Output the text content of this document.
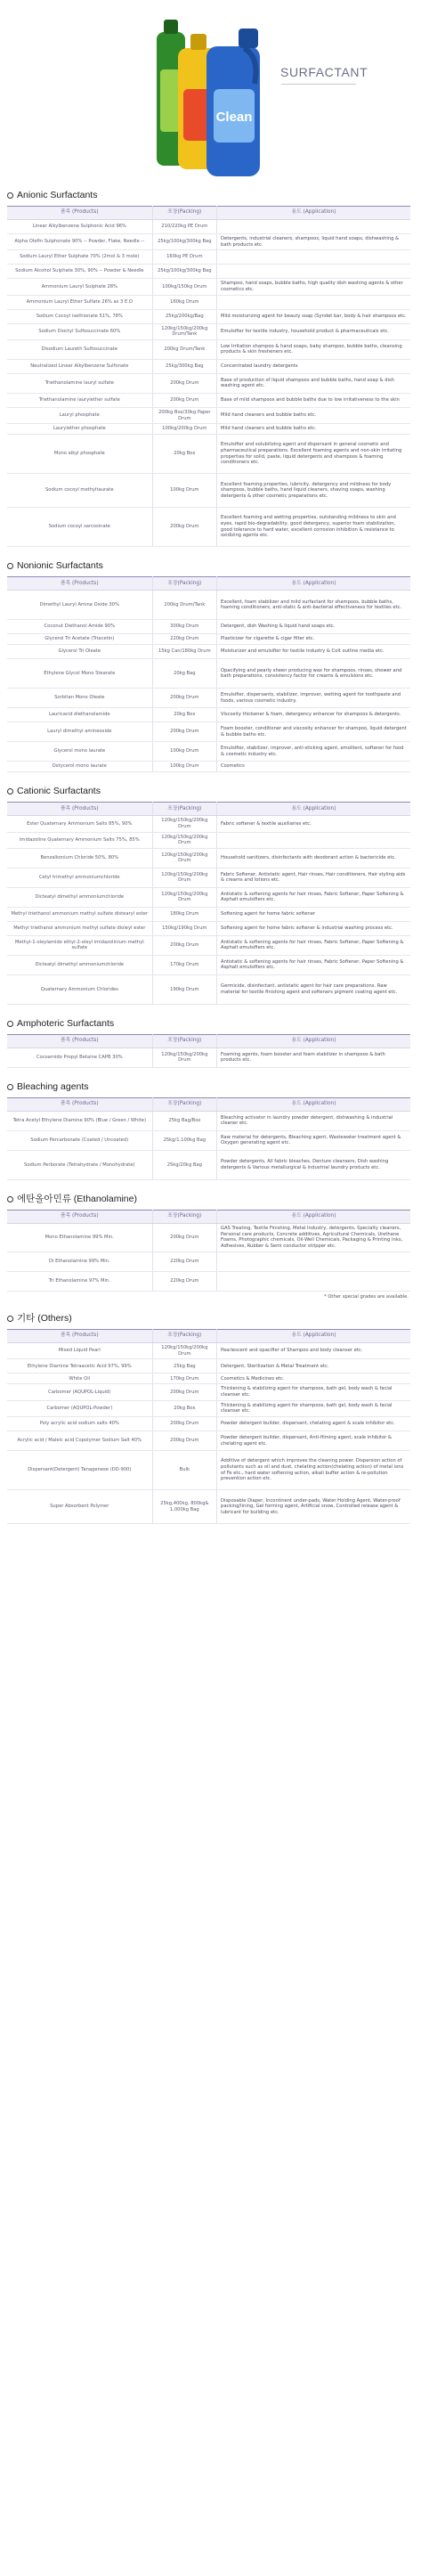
Clean
SURFACTANT
Anionic Surfactants
품목 (Products)	포장(Packing)	용도 (Application)
Linear Alkylbenzene Sulphonic Acid 96%	210/220kg PE Drum	
Alpha Olefin Sulphonate 90% -- Powder, Flake, Needle --	25kg/100kg/300kg Bag	Detergents, industrial cleaners, shampoos, liquid hand soaps, dishwashing & bath products etc.
Sodium Lauryl Ether Sulphate 70% (2mol & 3 mole)	160kg PE Drum	
Sodium Alcohol Sulphate 30%, 90% -- Powder & Needle	25kg/100kg/300kg Bag	
Ammonium Lauryl Sulphate 28%	100kg/150kg Drum	Shampoo, hand soaps, bubble baths, high quality dish washing agents & other cosmetics etc.
Ammonium Lauryl Ether Sulfate 26% as 3 E.O	160kg Drum	
Sodium Cocoyl isethionate 51%, 78%	25kg/200kg/Bag	Mild moisturizing agent for beauty soap (Syndet bar, body & hair shampoos etc.
Sodium Dioctyl Sulfosuccinate 60%	120kg/150kg/200kg Drum/Tank	Emulsifier for textile industry, household product & pharmaceuticals etc.
Disodium Laureth Sulfosuccinate	200kg Drum/Tank	Low Irritation shampoo & hand soaps, baby shampoo, bubble baths, cleansing products & skin fresheners etc.
Neutralized Linear Alkylbenzene Sulfonate	25kg/300kg Bag	Concentrated laundry detergents
Triethanolamine lauryl sulfate	200kg Drum	Base of production of liquid shampoos and bubble baths, hand soap & dish washing agent etc.
Triethanolamine laurylether sulfate	200kg Drum	Base of mild shampoos and bubble baths due to low irritativeness to the skin
Lauryl phosphate	200kg Box/30kg Paper Drum	Mild hand cleaners and bubble baths etc.
Laurylether phosphate	100kg/200kg Drum	Mild hand cleaners and bubble baths etc.
Mono alkyl phosphate	20kg Box	Emulsifier and solubilizing agent and dispersant in general cosmetic and pharmaceutical preparations. Excellent foaming agents and non-skin irritating properties for solid, paste, liquid detergents and shampoos & foaming conditioners etc.
Sodium cocoyl methyltaurate	100kg Drum	Excellent foaming properties, lubricity, detergency and mildness for body shampoos, bubble baths, hand liquid cleaners, shaving soaps, washing detergents & other cosmetic preparations etc.
Sodium cocoyl sarcosinate	200kg Drum	Excellent foaming and wetting properties, outstanding mildness to skin and eyes, rapid bio-degradability, good detergency, superior foam stabilization, good tolerance to hard water, excellent corrosion inhibition & resistance to oxidizing agents etc.
Nonionic Surfactants
품목 (Products)	포장(Packing)	용도 (Application)
Dimethyl Lauryl Amine Oxide 30%	200kg Drum/Tank	Excellent, foam stabilizer and mild surfactant for shampoos, bubble baths, foaming conditioners, anti-static & anti-bacterial effectiveness for textiles etc.
Coconut Diethanol Amide 90%	300kg Drum	Detergent, dish Washing & liquid hand soaps etc.
Glycerol Tri Acetate (Triacetin)	220kg Drum	Plasticizer for cigarette & cigar filter etc.
Glycerol Tri Oleate	15kg Can/180kg Drum	Moisturizer and emulsifier for textile industry & Colt outline media etc.
Ethylene Glycol Mono Stearate	20kg Bag	Opacifying and pearly sheen producing wax for shampoos, rinses, shower and bath preparations, consistency factor for creams & emulsions etc.
Sorbitan Mono Oleate	200kg Drum	Emulsifier, dispersants, stabilizer, improver, wetting agent for toothpaste and foods, various cosmetic industry.
Lauricacid diethanolamide	20kg Box	Viscosity thickener & foam, detergency enhancer for shampoos & detergents.
Lauryl dimethyl amineoxide	200kg Drum	Foam booster, conditioner and viscosity enhancer for shampoo, liquid detergent & bubble baths etc.
Glycerol mono laurate	100kg Drum	Emulsifier, stabilizer, improver, anti-sticking agent, emollient, softener for food & cosmetic industry etc.
Oxtycerol mono laurate	100kg Drum	Cosmetics
Cationic Surfactants
품목 (Products)	포장(Packing)	용도 (Application)
Ester Quaternary Ammonium Salts 85%, 90%	120kg/150kg/200kg Drum	Fabric softener & textile auxiliaries etc.
Imidazoline Quaternary Ammonium Salts 75%, 85%	120kg/150kg/200kg Drum	
Benzalkonium Chloride 50%, 80%	120kg/150kg/200kg Drum	Household sanitizers, disinfectants with deodorant action & bactericide etc.
Cetyl trimethyl ammoniumchloride	120kg/150kg/200kg Drum	Fabric Softener, Antistatic agent, Hair rinses, Hair conditioners, Hair styling aids & creams and lotions etc.
Dicteatyl dimethyl ammoniumchloride	120kg/150kg/200kg Drum	Antistatic & softening agents for hair rinses, Fabric Softener, Paper Softening & Asphalt emulsifiers etc.
Methyl triethanol ammonium methyl sulfate distearyl ester	180kg Drum	Softening agent for home fabric softener
Methyl triethanol ammonium methyl sulfate dioleyl ester	150kg/190kg Drum	Softening agent for home fabric softener & industrial washing process etc.
Methyl-1-oleylamido ethyl-2-oleyl imidazolinium methyl sulfate	200kg Drum	Antistatic & softening agents for hair rinses, Fabric Softener, Paper Softening & Asphalt emulsifiers etc.
Dicteatyl dimethyl ammoniumchloride	170kg Drum	Antistatic & softening agents for hair rinses, Fabric Softener, Paper Softening & Asphalt emulsifiers etc.
Quaternary Ammonium Chlorides	190kg Drum	Germicide, disinfectant, antistatic agent for hair care preparations. Raw material for textile finishing agent and softeners pigment coating agent etc.
Amphoteric Surfactants
품목 (Products)	포장(Packing)	용도 (Application)
Cocoamido Propyl Betaine CAPB 30%	120kg/150kg/200kg Drum	Foaming agents, foam booster and foam stabilizer in shampoos & bath products etc.
Bleaching agents
품목 (Products)	포장(Packing)	용도 (Application)
Tetra Acetyl Ethylene Diamine 90% (Blue / Green / White)	25kg Bag/Box	Bleaching activator in laundry powder detergent, dishwashing & industrial cleaner etc.
Sodium Percarbonate (Coated / Uncoated)	25kg/1,100kg Bag	Raw material for detergents, Bleaching agent, Wastewater treatment agent & Oxygen generating agent etc.
Sodium Perborate (Tetrahydrate / Monohydrate)	25kg/20kg Bag	Powder detergents, All fabric bleaches, Denture cleansers, Dish washing detergents & Various metallurgical & industrial laundry products etc.
에탄올아민류 (Ethanolamine)
품목 (Products)	포장(Packing)	용도 (Application)
Mono Ethanolamine 99% Min.	200kg Drum	GAS Treating, Textile Finishing, Metal Industry, detergents, Specialty cleaners, Personal care products, Concrete additives, Agricultural Chemicals, Urethane Foams, Photographic chemicals, Oil-Well Chemicals, Packaging & Printing Inks, Adhesives, Rubber & Semi conductor stripper etc.
Di Ethanolamine 99% Min.	220kg Drum	
Tri Ethanolamine 97% Min.	220kg Drum	
* Other special grades are available.
기타 (Others)
품목 (Products)	포장(Packing)	용도 (Application)
Mixed Liquid Pearl	120kg/150kg/200kg Drum	Pearlescent and opacifier of Shampoo and body cleanser etc.
Ethylene Diamine Tetraacetic Acid 97%, 99%	25kg Bag	Detergent, Sterilization & Metal Treatment etc.
White Oil	170kg Drum	Cosmetics & Medicines etc.
Carbomer (AQUPOL-Liquid)	200kg Drum	Thickening & stabilizing agent for shampoos, bath gel, body wash & facial cleanser etc.
Carbomer (AQUPOL-Powder)	20kg Box	Thickening & stabilizing agent for shampoos, bath gel, body wash & facial cleanser etc.
Poly acrylic acid sodium salts 40%	200kg Drum	Powder detergent builder, dispersant, chelating agent & scale inhibitor etc.
Acrylic acid / Maleic acid Copolymer Sodium Salt 40%	200kg Drum	Powder detergent builder, dispersant, Anti-filming agent, scale inhibitor & chelating agent etc.
Dispersant(Detergent) Tanagenese (DD-900)	Bulk	Additive of detergent which improves the cleaning power. Dispersion action of pollutants such as oil and dust, chelating action(chelating action) of metal ions of Fe etc., hard water softening action, alkali buffer action & re-pollution prevention action etc.
Super Absorbent Polymer	25kg,400kg, 800kg& 1,000kg Bag	Disposable Diaper, Incontinent under-pads, Water Holding Agent, Water-proof packing/lining, Gel forming agent, Artificial snow, Controlled release agent & lubricant for building etc.
